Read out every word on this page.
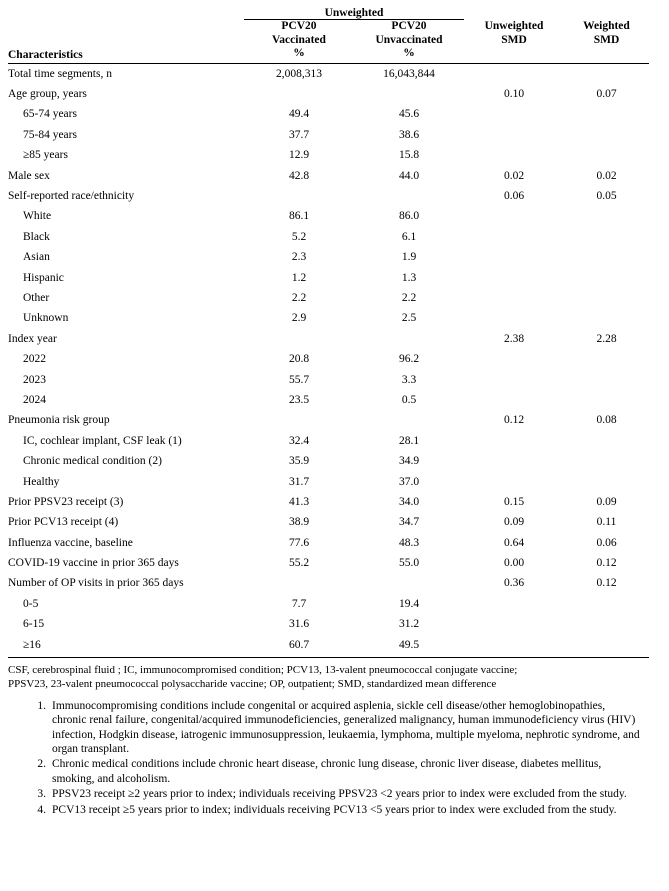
	Unweighted			
	PCV20	PCV20	Unweighted	Weighted
	Vaccinated	Unvaccinated	SMD	SMD
Characteristics	%	%		

Total time segments, n	2,008,313	16,043,844		
Age group, years			0.10	0.07
65-74 years	49.4	45.6		
75-84 years	37.7	38.6		
≥85 years	12.9	15.8		
Male sex	42.8	44.0	0.02	0.02
Self-reported race/ethnicity			0.06	0.05
White	86.1	86.0		
Black	5.2	6.1		
Asian	2.3	1.9		
Hispanic	1.2	1.3		
Other	2.2	2.2		
Unknown	2.9	2.5		
Index year			2.38	2.28
2022	20.8	96.2		
2023	55.7	3.3		
2024	23.5	0.5		
Pneumonia risk group			0.12	0.08
IC, cochlear implant, CSF leak (1)	32.4	28.1		
Chronic medical condition (2)	35.9	34.9		
Healthy	31.7	37.0		
Prior PPSV23 receipt (3)	41.3	34.0	0.15	0.09
Prior PCV13 receipt (4)	38.9	34.7	0.09	0.11
Influenza vaccine, baseline	77.6	48.3	0.64	0.06
COVID-19 vaccine in prior 365 days	55.2	55.0	0.00	0.12
Number of OP visits in prior 365 days			0.36	0.12
0-5	7.7	19.4		
6-15	31.6	31.2		
≥16	60.7	49.5		

CSF, cerebrospinal fluid ; IC, immunocompromised condition; PCV13, 13-valent pneumococcal conjugate vaccine;
PPSV23, 23-valent pneumococcal polysaccharide vaccine; OP, outpatient; SMD, standardized mean difference
1. Immunocompromising conditions include congenital or acquired asplenia, sickle cell disease/other hemoglobinopathies, chronic renal failure, congenital/acquired immunodeficiencies, generalized malignancy, human immunodeficiency virus (HIV) infection, Hodgkin disease, iatrogenic immunosuppression, leukaemia, lymphoma, multiple myeloma, nephrotic syndrome, and organ transplant.
2. Chronic medical conditions include chronic heart disease, chronic lung disease, chronic liver disease, diabetes mellitus, smoking, and alcoholism.
3. PPSV23 receipt ≥2 years prior to index; individuals receiving PPSV23 <2 years prior to index were excluded from the study.
4. PCV13 receipt ≥5 years prior to index; individuals receiving PCV13 <5 years prior to index were excluded from the study.
